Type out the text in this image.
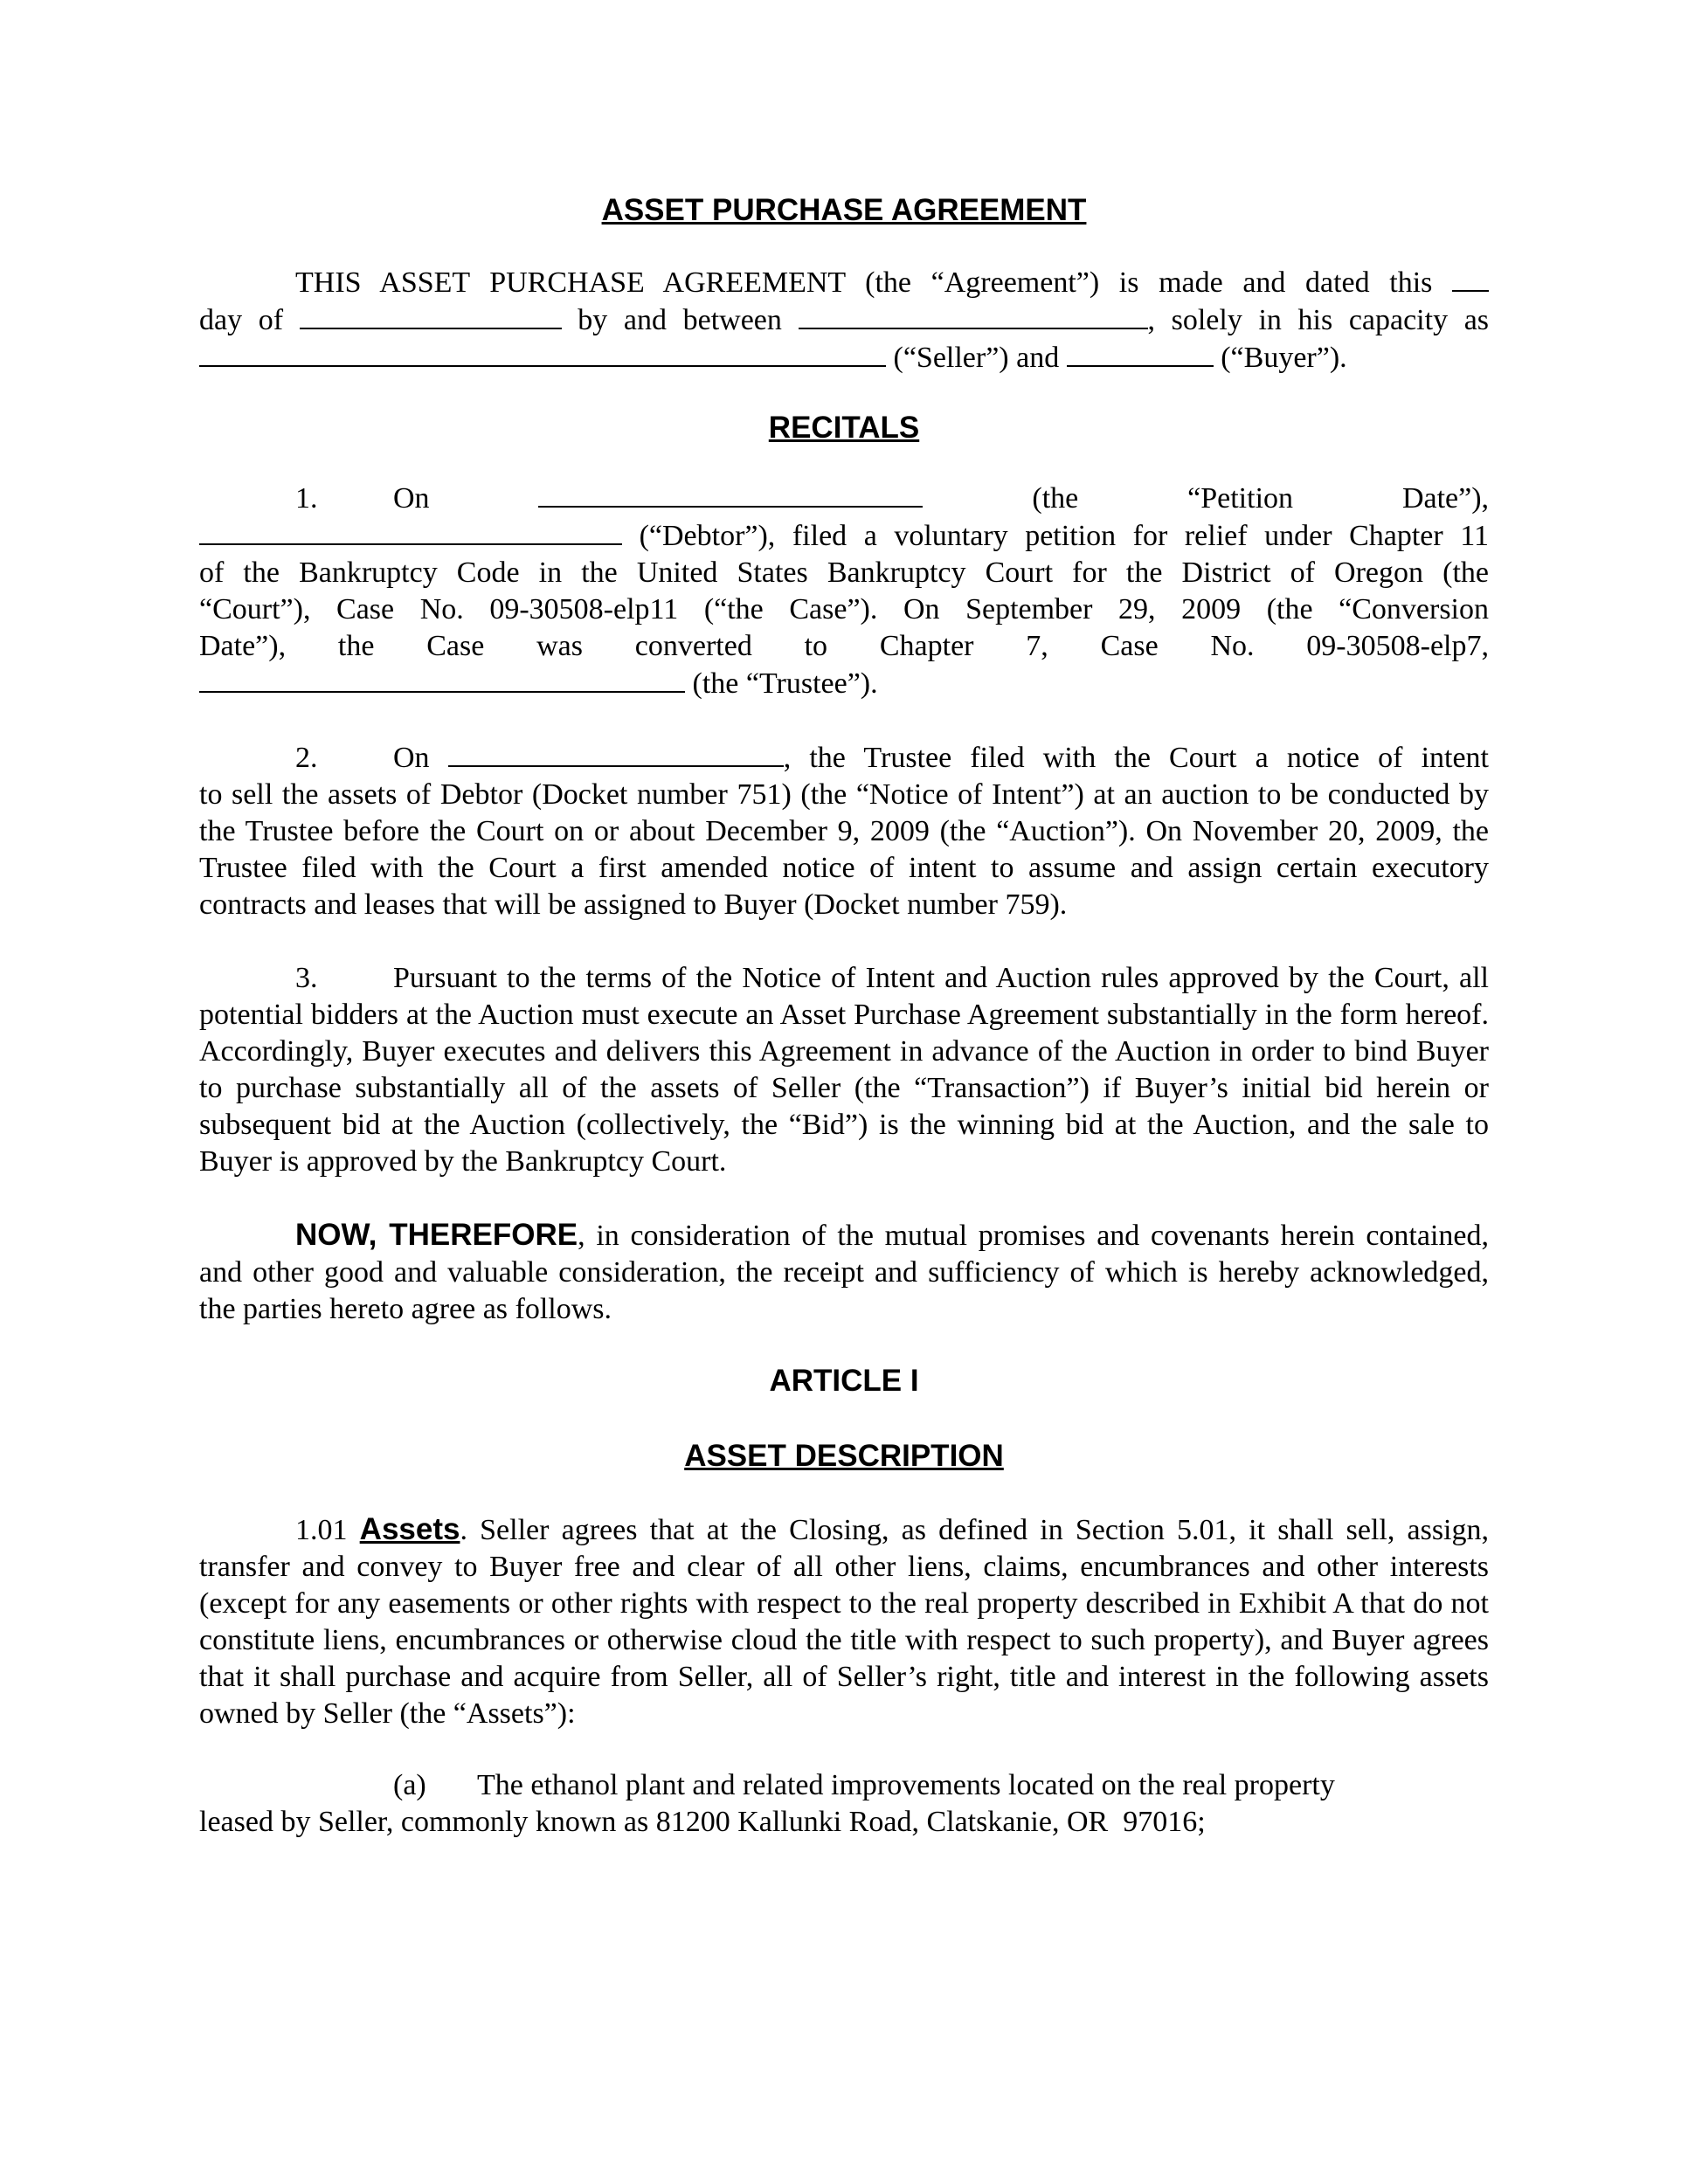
ASSET PURCHASE AGREEMENT
THIS ASSET PURCHASE AGREEMENT (the “Agreement”) is made and dated this
day of	by and between	, solely in his capacity as
(“Seller”) and	(“Buyer”).
RECITALS
1.	On	(the	“Petition	Date”),
(“Debtor”), filed a voluntary petition for relief under Chapter 11
of the Bankruptcy Code in the United States Bankruptcy Court for the District of Oregon (the
“Court”), Case No. 09-30508-elp11 (“the Case”). On September 29, 2009 (the “Conversion
Date”), the Case was converted to Chapter 7, Case No. 09-30508-elp7,
(the “Trustee”).
2.	On	, the Trustee filed with the Court a notice of intent

to sell the assets of Debtor (Docket number 751) (the “Notice of Intent”) at an auction to be conducted by the Trustee before the Court on or about December 9, 2009 (the “Auction”). On November 20, 2009, the Trustee filed with the Court a first amended notice of intent to assume and assign certain executory contracts and leases that will be assigned to Buyer (Docket number 759).

3.	Pursuant to the terms of the Notice of Intent and Auction rules approved by the Court, all potential bidders at the Auction must execute an Asset Purchase Agreement substantially in the form hereof. Accordingly, Buyer executes and delivers this Agreement in advance of the Auction in order to bind Buyer to purchase substantially all of the assets of Seller (the “Transaction”) if Buyer’s initial bid herein or subsequent bid at the Auction (collectively, the “Bid”) is the winning bid at the Auction, and the sale to Buyer is approved by the Bankruptcy Court.

NOW, THEREFORE, in consideration of the mutual promises and covenants herein contained, and other good and valuable consideration, the receipt and sufficiency of which is hereby acknowledged, the parties hereto agree as follows.

ARTICLE I
ASSET DESCRIPTION

1.01 Assets. Seller agrees that at the Closing, as defined in Section 5.01, it shall sell, assign, transfer and convey to Buyer free and clear of all other liens, claims, encumbrances and other interests (except for any easements or other rights with respect to the real property described in Exhibit A that do not constitute liens, encumbrances or otherwise cloud the title with respect to such property), and Buyer agrees that it shall purchase and acquire from Seller, all of Seller’s right, title and interest in the following assets owned by Seller (the “Assets”):

(a) The ethanol plant and related improvements located on the real property
leased by Seller, commonly known as 81200 Kallunki Road, Clatskanie, OR  97016;
